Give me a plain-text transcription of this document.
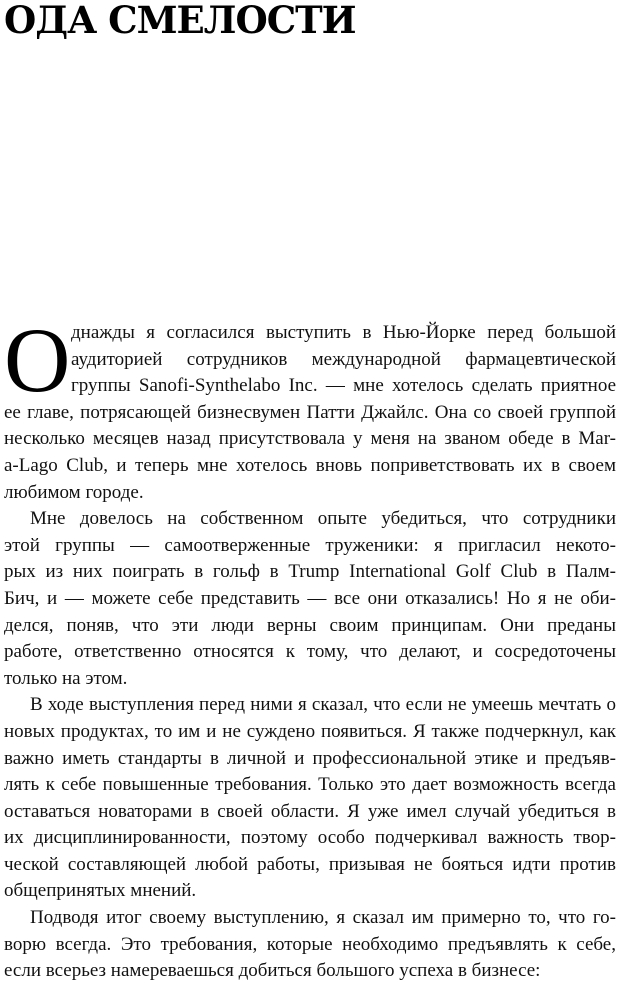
ОДА СМЕЛОСТИ
О днажды я согласился выступить в Нью-Йорке перед большой
аудиторией сотрудников международной фармацевтической
группы Sanofi-Synthelabo Inc. — мне хотелось сделать приятное
ее главе, потрясающей бизнесвумен Патти Джайлс. Она со своей группой
несколько месяцев назад присутствовала у меня на званом обеде в Mar-
a-Lago Club, и теперь мне хотелось вновь поприветствовать их в своем
любимом городе.
Мне довелось на собственном опыте убедиться, что сотрудники
этой группы — самоотверженные труженики: я пригласил некото-
рых из них поиграть в гольф в Trump International Golf Club в Палм-
Бич, и — можете себе представить — все они отказались! Но я не оби-
делся, поняв, что эти люди верны своим принципам. Они преданы
работе, ответственно относятся к тому, что делают, и сосредоточены
только на этом.
В ходе выступления перед ними я сказал, что если не умеешь мечтать о
новых продуктах, то им и не суждено появиться. Я также подчеркнул, как
важно иметь стандарты в личной и профессиональной этике и предъяв-
лять к себе повышенные требования. Только это дает возможность всегда
оставаться новаторами в своей области. Я уже имел случай убедиться в
их дисциплинированности, поэтому особо подчеркивал важность твор-
ческой составляющей любой работы, призывая не бояться идти против
общепринятых мнений.
Подводя итог своему выступлению, я сказал им примерно то, что го-
ворю всегда. Это требования, которые необходимо предъявлять к себе,
если всерьез намереваешься добиться большого успеха в бизнесе:
